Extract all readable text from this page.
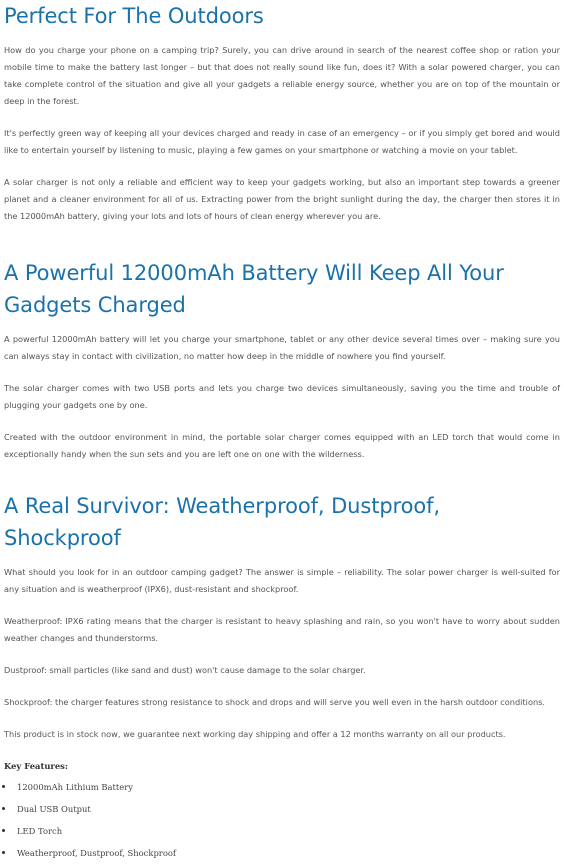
Perfect For The Outdoors

How do you charge your phone on a camping trip? Surely, you can drive around in search of the nearest coffee shop or ration your mobile time to make the battery last longer – but that does not really sound like fun, does it? With a solar powered charger, you can take complete control of the situation and give all your gadgets a reliable energy source, whether you are on top of the mountain or deep in the forest.

It's perfectly green way of keeping all your devices charged and ready in case of an emergency – or if you simply get bored and would like to entertain yourself by listening to music, playing a few games on your smartphone or watching a movie on your tablet.

A solar charger is not only a reliable and efficient way to keep your gadgets working, but also an important step towards a greener planet and a cleaner environment for all of us. Extracting power from the bright sunlight during the day, the charger then stores it in the 12000mAh battery, giving your lots and lots of hours of clean energy wherever you are.

A Powerful 12000mAh Battery Will Keep All Your Gadgets Charged

A powerful 12000mAh battery will let you charge your smartphone, tablet or any other device several times over – making sure you can always stay in contact with civilization, no matter how deep in the middle of nowhere you find yourself.

The solar charger comes with two USB ports and lets you charge two devices simultaneously, saving you the time and trouble of plugging your gadgets one by one.

Created with the outdoor environment in mind, the portable solar charger comes equipped with an LED torch that would come in exceptionally handy when the sun sets and you are left one on one with the wilderness.

A Real Survivor: Weatherproof, Dustproof, Shockproof

What should you look for in an outdoor camping gadget? The answer is simple – reliability. The solar power charger is well-suited for any situation and is weatherproof (IPX6), dust-resistant and shockproof.

Weatherproof: IPX6 rating means that the charger is resistant to heavy splashing and rain, so you won't have to worry about sudden weather changes and thunderstorms.

Dustproof: small particles (like sand and dust) won't cause damage to the solar charger.

Shockproof: the charger features strong resistance to shock and drops and will serve you well even in the harsh outdoor conditions.

This product is in stock now, we guarantee next working day shipping and offer a 12 months warranty on all our products.

Key Features:
12000mAh Lithium Battery
Dual USB Output
LED Torch
Weatherproof, Dustproof, Shockproof
